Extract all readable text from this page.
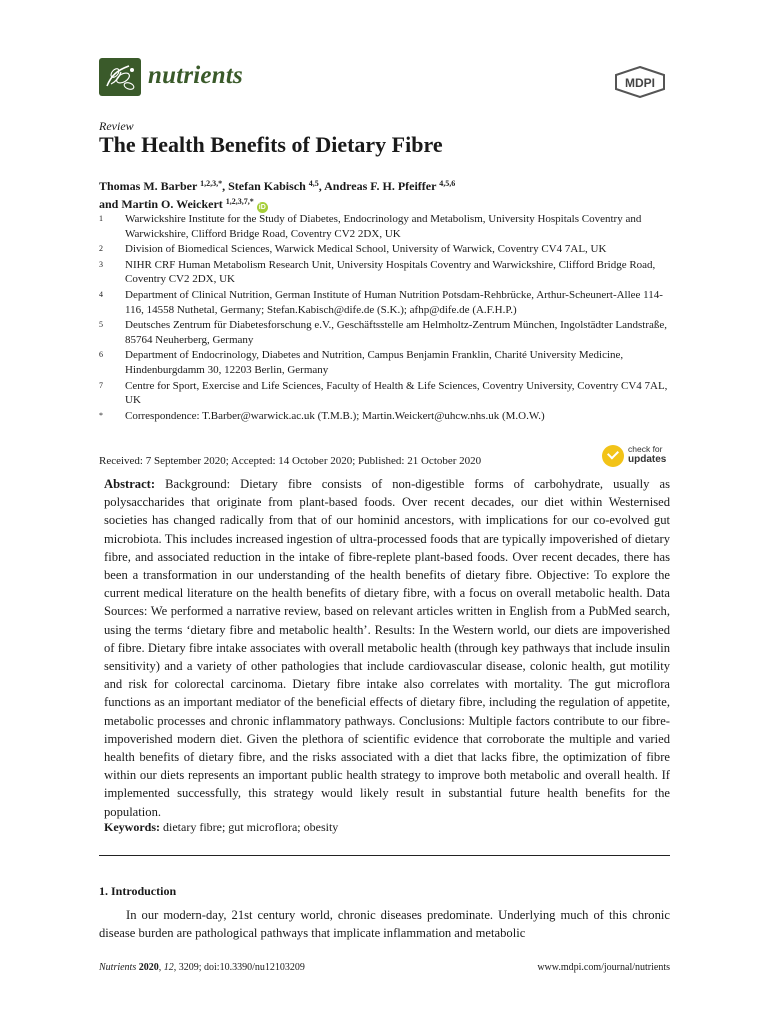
nutrients	MDPI
Review
The Health Benefits of Dietary Fibre
Thomas M. Barber $^{1,2,3,*}$, Stefan Kabisch $^{4,5}$, Andreas F. H. Pfeiffer $^{4,5,6}$
and Martin O. Weickert $^{1,2,3,7,*}$ iD
1	Warwickshire Institute for the Study of Diabetes, Endocrinology and Metabolism, University Hospitals Coventry and Warwickshire, Clifford Bridge Road, Coventry CV2 2DX, UK
2	Division of Biomedical Sciences, Warwick Medical School, University of Warwick, Coventry CV4 7AL, UK
3	NIHR CRF Human Metabolism Research Unit, University Hospitals Coventry and Warwickshire, Clifford Bridge Road, Coventry CV2 2DX, UK
4	Department of Clinical Nutrition, German Institute of Human Nutrition Potsdam-Rehbrücke, Arthur-Scheunert-Allee 114-116, 14558 Nuthetal, Germany; Stefan.Kabisch@dife.de (S.K.); afhp@dife.de (A.F.H.P.)
5	Deutsches Zentrum für Diabetesforschung e.V., Geschäftsstelle am Helmholtz-Zentrum München, Ingolstädter Landstraße, 85764 Neuherberg, Germany
6	Department of Endocrinology, Diabetes and Nutrition, Campus Benjamin Franklin, Charité University Medicine, Hindenburgdamm 30, 12203 Berlin, Germany
7	Centre for Sport, Exercise and Life Sciences, Faculty of Health & Life Sciences, Coventry University, Coventry CV4 7AL, UK
*	Correspondence: T.Barber@warwick.ac.uk (T.M.B.); Martin.Weickert@uhcw.nhs.uk (M.O.W.)
Received: 7 September 2020; Accepted: 14 October 2020; Published: 21 October 2020
check for
updates

Abstract: Background: Dietary fibre consists of non-digestible forms of carbohydrate, usually as polysaccharides that originate from plant-based foods. Over recent decades, our diet within Westernised societies has changed radically from that of our hominid ancestors, with implications for our co-evolved gut microbiota. This includes increased ingestion of ultra-processed foods that are typically impoverished of dietary fibre, and associated reduction in the intake of fibre-replete plant-based foods. Over recent decades, there has been a transformation in our understanding of the health benefits of dietary fibre. Objective: To explore the current medical literature on the health benefits of dietary fibre, with a focus on overall metabolic health. Data Sources: We performed a narrative review, based on relevant articles written in English from a PubMed search, using the terms ‘dietary fibre and metabolic health’. Results: In the Western world, our diets are impoverished of fibre. Dietary fibre intake associates with overall metabolic health (through key pathways that include insulin sensitivity) and a variety of other pathologies that include cardiovascular disease, colonic health, gut motility and risk for colorectal carcinoma. Dietary fibre intake also correlates with mortality. The gut microflora functions as an important mediator of the beneficial effects of dietary fibre, including the regulation of appetite, metabolic processes and chronic inflammatory pathways. Conclusions: Multiple factors contribute to our fibre-impoverished modern diet. Given the plethora of scientific evidence that corroborate the multiple and varied health benefits of dietary fibre, and the risks associated with a diet that lacks fibre, the optimization of fibre within our diets represents an important public health strategy to improve both metabolic and overall health. If implemented successfully, this strategy would likely result in substantial future health benefits for the population.

Keywords: dietary fibre; gut microflora; obesity
1. Introduction

In our modern-day, 21st century world, chronic diseases predominate. Underlying much of this chronic disease burden are pathological pathways that implicate inflammation and metabolic

Nutrients 2020, 12, 3209; doi:10.3390/nu12103209	www.mdpi.com/journal/nutrients
